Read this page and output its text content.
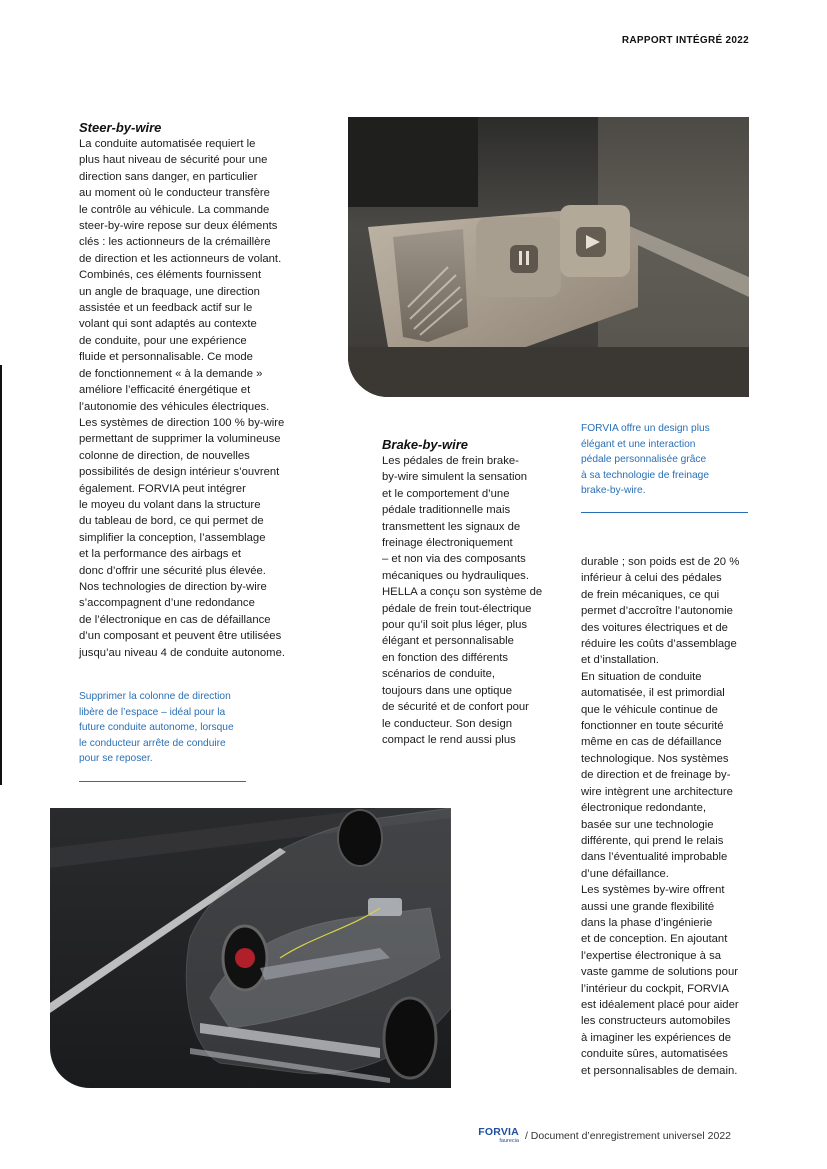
RAPPORT INTÉGRÉ 2022

Steer-by-wire

La conduite automatisée requiert le
plus haut niveau de sécurité pour une
direction sans danger, en particulier
au moment où le conducteur transfère
le contrôle au véhicule. La commande
steer-by-wire repose sur deux éléments
clés : les actionneurs de la crémaillère
de direction et les actionneurs de volant.
Combinés, ces éléments fournissent
un angle de braquage, une direction
assistée et un feedback actif sur le
volant qui sont adaptés au contexte
de conduite, pour une expérience
fluide et personnalisable. Ce mode
de fonctionnement « à la demande »
améliore l’efficacité énergétique et
l’autonomie des véhicules électriques.
Les systèmes de direction 100 % by-wire
permettant de supprimer la volumineuse
colonne de direction, de nouvelles
possibilités de design intérieur s’ouvrent
également. FORVIA peut intégrer
le moyeu du volant dans la structure
du tableau de bord, ce qui permet de
simplifier la conception, l’assemblage
et la performance des airbags et
donc d’offrir une sécurité plus élevée.
Nos technologies de direction by-wire
s’accompagnent d’une redondance
de l’électronique en cas de défaillance
d’un composant et peuvent être utilisées
jusqu’au niveau 4 de conduite autonome.
Supprimer la colonne de direction
libère de l’espace – idéal pour la
future conduite autonome, lorsque
le conducteur arrête de conduire
pour se reposer.

Brake-by-wire

Les pédales de frein brake-
by-wire simulent la sensation
et le comportement d’une
pédale traditionnelle mais
transmettent les signaux de
freinage électroniquement
– et non via des composants
mécaniques ou hydrauliques.
HELLA a conçu son système de
pédale de frein tout-électrique
pour qu’il soit plus léger, plus
élégant et personnalisable
en fonction des différents
scénarios de conduite,
toujours dans une optique
de sécurité et de confort pour
le conducteur. Son design
compact le rend aussi plus
FORVIA offre un design plus
élégant et une interaction
pédale personnalisée grâce
à sa technologie de freinage
brake-by-wire.
durable ; son poids est de 20 %
inférieur à celui des pédales
de frein mécaniques, ce qui
permet d’accroître l’autonomie
des voitures électriques et de
réduire les coûts d’assemblage
et d’installation.
En situation de conduite
automatisée, il est primordial
que le véhicule continue de
fonctionner en toute sécurité
même en cas de défaillance
technologique. Nos systèmes
de direction et de freinage by-
wire intègrent une architecture
électronique redondante,
basée sur une technologie
différente, qui prend le relais
dans l’éventualité improbable
d’une défaillance.
Les systèmes by-wire offrent
aussi une grande flexibilité
dans la phase d’ingénierie
et de conception. En ajoutant
l’expertise électronique à sa
vaste gamme de solutions pour
l’intérieur du cockpit, FORVIA
est idéalement placé pour aider
les constructeurs automobiles
à imaginer les expériences de
conduite sûres, automatisées
et personnalisables de demain.
FORVIA
faurecia / Document d’enregistrement universel 2022
